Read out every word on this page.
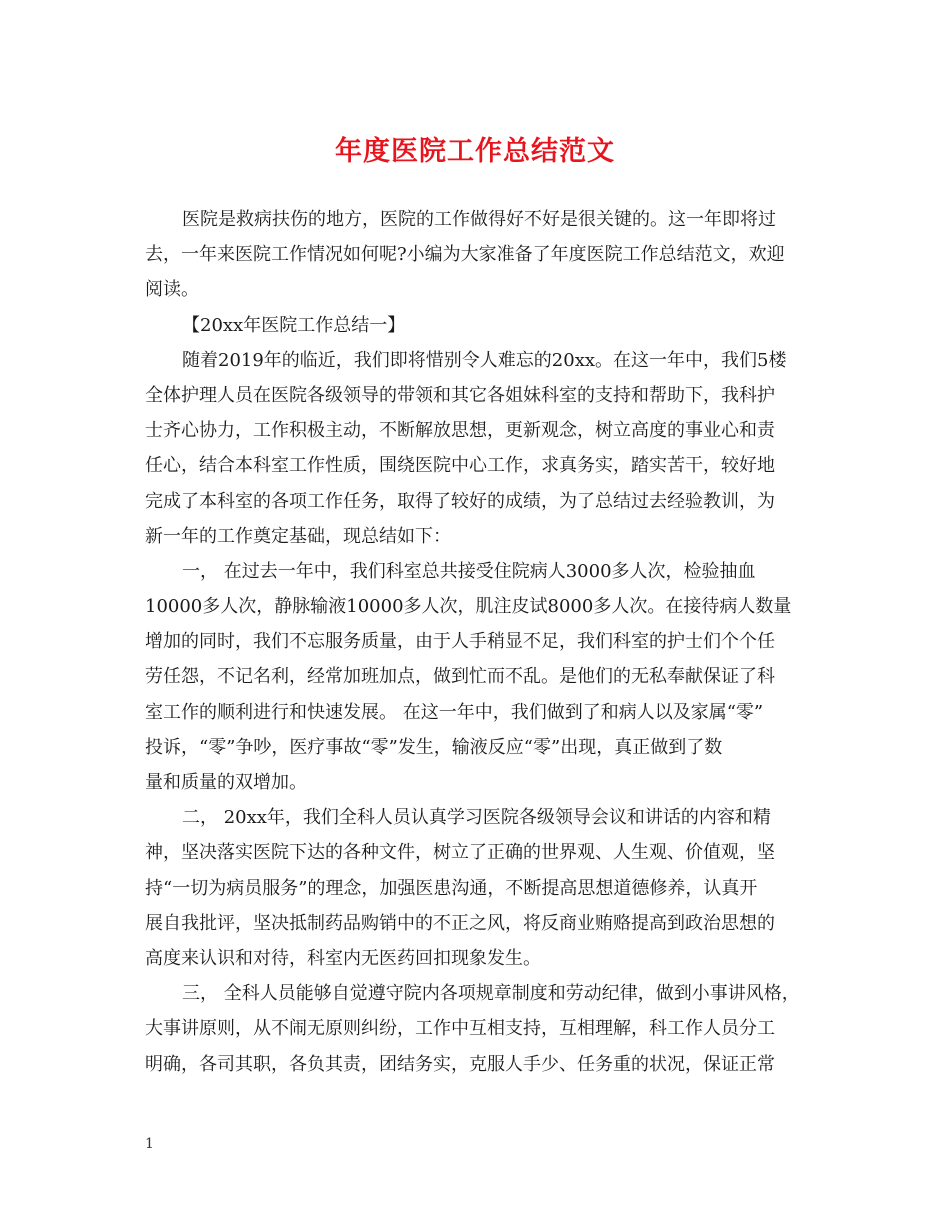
年度医院工作总结范文
医院是救病扶伤的地方，医院的工作做得好不好是很关键的。这一年即将过
去，一年来医院工作情况如何呢?小编为大家准备了年度医院工作总结范文，欢迎
阅读。
【20xx年医院工作总结一】
随着2019年的临近，我们即将惜别令人难忘的20xx。在这一年中，我们5楼
全体护理人员在医院各级领导的带领和其它各姐妹科室的支持和帮助下，我科护
士齐心协力，工作积极主动，不断解放思想，更新观念，树立高度的事业心和责
任心，结合本科室工作性质，围绕医院中心工作，求真务实，踏实苦干，较好地
完成了本科室的各项工作任务，取得了较好的成绩，为了总结过去经验教训，为
新一年的工作奠定基础，现总结如下：
一， 在过去一年中，我们科室总共接受住院病人3000多人次，检验抽血
10000多人次，静脉输液10000多人次，肌注皮试8000多人次。在接待病人数量
增加的同时，我们不忘服务质量，由于人手稍显不足，我们科室的护士们个个任
劳任怨，不记名利，经常加班加点，做到忙而不乱。是他们的无私奉献保证了科
室工作的顺利进行和快速发展。 在这一年中，我们做到了和病人以及家属“零”
投诉，“零”争吵，医疗事故“零”发生，输液反应“零”出现，真正做到了数
量和质量的双增加。
二， 20xx年，我们全科人员认真学习医院各级领导会议和讲话的内容和精
神，坚决落实医院下达的各种文件，树立了正确的世界观、人生观、价值观，坚
持“一切为病员服务”的理念，加强医患沟通，不断提高思想道德修养，认真开
展自我批评，坚决抵制药品购销中的不正之风，将反商业贿赂提高到政治思想的
高度来认识和对待，科室内无医药回扣现象发生。
三， 全科人员能够自觉遵守院内各项规章制度和劳动纪律，做到小事讲风格，
大事讲原则，从不闹无原则纠纷，工作中互相支持，互相理解，科工作人员分工
明确，各司其职，各负其责，团结务实，克服人手少、任务重的状况，保证正常
1
